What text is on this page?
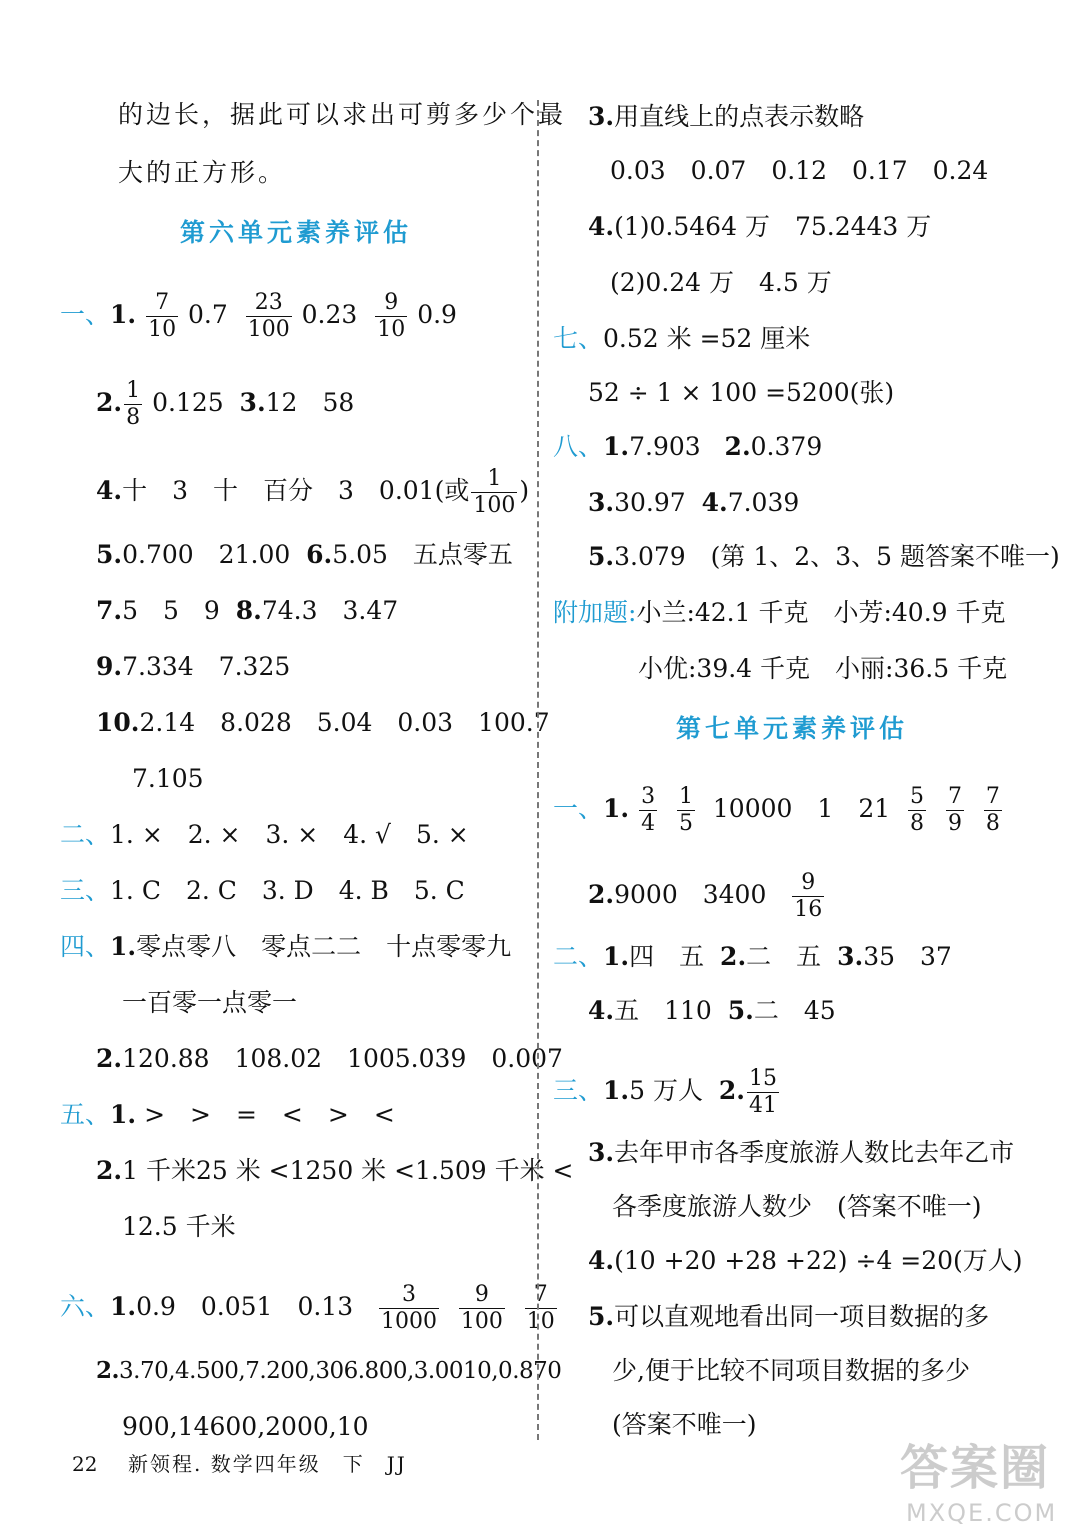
的边长，据此可以求出可剪多少个最
大的正方形。
第六单元素养评估
一、1. $\frac{7}{10} 0.7 \frac{23}{100} 0.23 \frac{9}{10} 0.9$
2. $\frac{1}{8} 0.125$ 3.12　58
4.十　3　十　百分　3　0.01(或 $\frac{1}{100}$ )
5.0.700　21.00 6.5.05　五点零五
7.5　5　9 8.74.3　3.47
9.7.334　7.325
10.2.14　8.028　5.04　0.03　100.7
7.105
二、1. ×　2. ×　3. ×　4. √　5. ×
三、1. C　2. C　3. D　4. B　5. C
四、1.零点零八　零点二二　十点零零九
一百零一点零一
2.120.88　108.02　1005.039　0.007
五、1. >　>　=　<　>　<
2.1 千米25 米 <1250 米 <1.509 千米 <
12.5 千米
六、1.0.9　0.051　$0.13 \frac{3}{1000}$
$\frac{9}{100}$
$\frac{7}{10}$
2.3.70,4.500,7.200,306.800,3.0010,0.870
900,14600,2000,10
3.用直线上的点表示数略
0.03　0.07　0.12　0.17　0.24
4.(1)0.5464 万　75.2443 万
(2)0.24 万　4.5 万
七、0.52 米 =52 厘米
52 ÷ 1 × 100 =5200(张)
八、1.7.903 2.0.379
3.30.97 4.7.039
5.3.079　(第 1、2、3、5 题答案不唯一)
附加题:小兰:42.1 千克　小芳:40.9 千克
小优:39.4 千克　小丽:36.5 千克
第七单元素养评估
一、1. $\frac{3}{4}$
$\frac{1}{5} 10000$　1　$21 \frac{5}{8}$
$\frac{7}{9}$
$\frac{7}{8}$
2.9000　$3400 \frac{9}{16}$
二、1.四　五 2.二　五 3.35　37
4.五　110 5.二　45
三、1.5 万人 2. $\frac{15}{41}$
3.去年甲市各季度旅游人数比去年乙市
各季度旅游人数少　(答案不唯一)
4.(10 +20 +28 +22) ÷4 =20(万人)
5.可以直观地看出同一项目数据的多
少,便于比较不同项目数据的多少
(答案不唯一)
22 新领程. 数学四年级　下　JJ	答案圈
MXQE.COM
